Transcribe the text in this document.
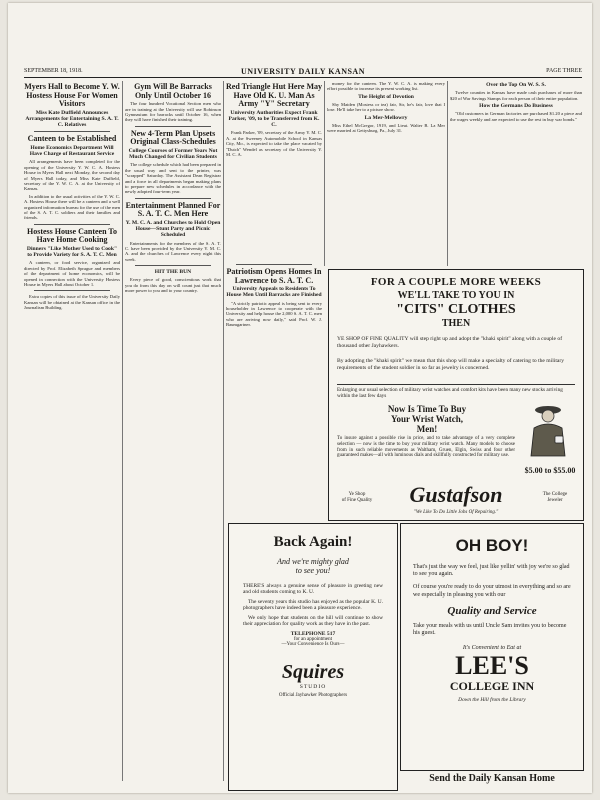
SEPTEMBER 18, 1918.	UNIVERSITY DAILY KANSAN	PAGE THREE
Myers Hall to Become Y. W. Hostess House For Women Visitors
Miss Kate Duffield Announces Arrangements for Entertaining S. A. T. C. Relatives
Canteen to be Established
Home Economics Department Will Have Charge of Restaurant Service

All arrangements have been completed for the opening of the University Y. W. C. A. Hostess House in Myers Hall next Monday, the second day of Myers Hall today, and Miss Kate Duffield, secretary of the Y. W. C. A. at the University of Kansas.

In addition to the usual activities of the Y. W. C. A. Hostess House there will be a canteen and a well organized information bureau for the use of the men of the S. A. T. C. soldiers and their families and friends.

Hostess House Canteen To Have Home Cooking
Dinners "Like Mother Used to Cook" to Provide Variety for S. A. T. C. Men

A canteen, or food service, organized and directed by Prof. Elizabeth Sprague and members of the department of home economics, will be opened in connection with the University Hostess House in Myers Hall about October 1.

Extra copies of this issue of the University Daily Kansan will be obtained at the Kansan office in the Journalism Building.

Gym Will Be Barracks Only Until October 16

The four hundred Vocational Section men who are in training at the University will use Robinson Gymnasium for barracks until October 16, when they will have finished their training.

New 4-Term Plan Upsets Original Class-Schedules
College Courses of Former Years Not Much Changed for Civilian Students

The college schedule which had been prepared in the usual way and sent to the printer, was "scrapped" Saturday. The Assistant Dean Registrar and a force in all departments began making plans to prepare new schedules in accordance with the newly adopted four-term year.

Entertainment Planned For S. A. T. C. Men Here
Y. M. C. A. and Churches to Hold Open House—Stunt Party and Picnic Scheduled

Entertainments for the members of the S. A. T. C. have been provided by the University Y. M. C. A. and the churches of Lawrence every night this week.

HIT THE BUN

Every piece of good, conscientious work that you do from this day on will count just that much more power to you and to your country.

Red Triangle Hut Here May Have Old K. U. Man As Army "Y" Secretary
University Authorities Expect Frank Parker, '09, to be Transferred from K. C.

Frank Parker, '09, secretary of the Army Y. M. C. A. at the Sweeney Automobile School in Kansas City, Mo., is expected to take the place vacated by "Dutch" Wendel as secretary of the University Y. M. C. A.

Patriotism Opens Homes In Lawrence to S. A. T. C.
University Appeals to Residents To House Men Until Barracks are Finished

"A strictly patriotic appeal is being sent to every householder in Lawrence to cooperate with the University and help house the 2,000 S. A. T. C. men who are arriving now daily," said Prof. W. J. Baumgartner.

money for the canteen. The Y. W. C. A. is making every effort possible to increase its present working list.

The Height of Devotion

Shy Maiden (Mostess or tea) fair, Sir, he's fair, love that I lose. He'll take her to a picture show.

La Mer-Mellowry

Miss Ethel McGregor, 1919, and Lieut. Walter B. La Mer were married at Gettysburg, Pa., July 31.

Over the Top On W. S. S.

Twelve counties in Kansas have made cash purchases of more than $20 of War Savings Stamps for each person of their entire population.

How the Germans Do Business

"Old customers in German factories are purchased $1.20 a piece and the wages weekly and are expected to use the rest in buy war bonds."

FOR A COUPLE MORE WEEKS
WE'LL TAKE TO YOU IN
"CITS" CLOTHES
THEN
YE SHOP OF FINE QUALITY will step right up and adopt the "khaki spirit" along with a couple of thousand other Jayhawkers.
By adopting the "khaki spirit" we mean that this shop will make a specialty of catering to the military requirements of the student soldier in so far as jewelry is concerned.
Enlarging our usual selection of military wrist watches and comfort kits have been many new stocks arriving within the last few days
Now Is Time To Buy
Your Wrist Watch,
Men!
To insure against a possible rise in price, and to take advantage of a very complete selection — now is the time to buy your military wrist watch. Many models to choose from in such reliable movements as Waltham, Gruen, Elgin, Swiss and four other guaranteed makes—all with luminous dials and skillfully constructed for military use.
$5.00 to $55.00
Ye Shop
of Fine Quality	Gustafson	The College
Jeweler
"We Like To Do Little Jobs Of Repairing."
Back Again!
And we're mighty glad
to see you!

THERE'S always a genuine sense of pleasure in greeting new and old students coming to K. U.

The seventy years this studio has enjoyed as the popular K. U. photographers have indeed been a pleasure experience.

We only hope that students on the hill will continue to show their appreciation for quality work as they have in the past.

TELEPHONE 517
for an appointment
—Your Convenience Is Ours—
Squires
STUDIO
Official Jayhawker Photographers
OH BOY!
That's just the way we feel, just like yellin' with joy we're so glad to see you again.
Of course you're ready to do your utmost in everything and so are we especially in pleasing you with our
Quality and Service
Take your meals with us until Uncle Sam invites you to become his guest.
It's Convenient to Eat at
LEE'S
COLLEGE INN
Down the Hill from the Library
Send the Daily Kansan Home
